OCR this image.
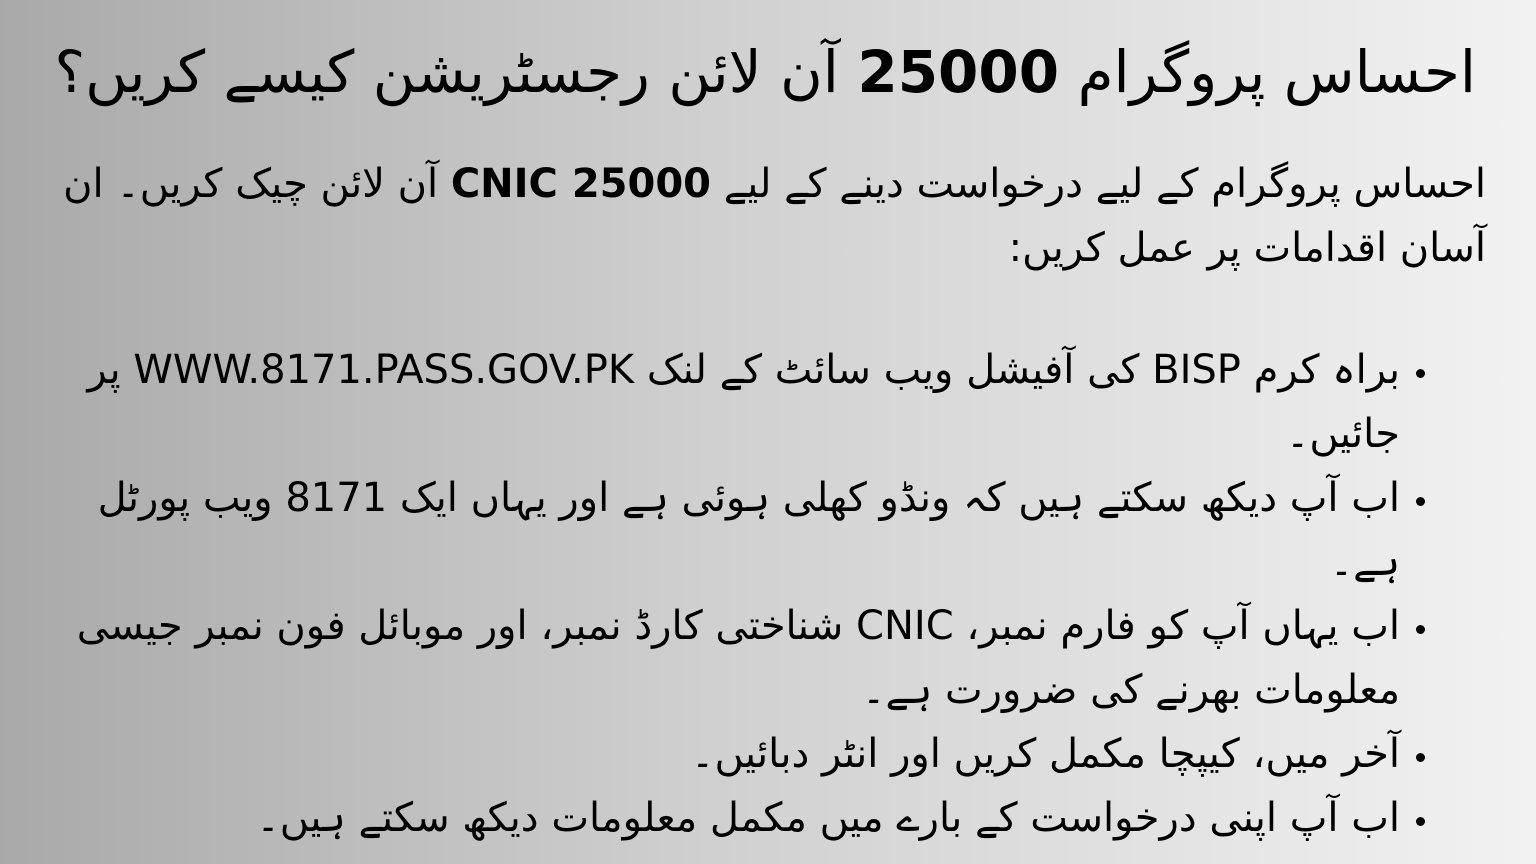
احساس پروگرام 25000 آن لائن رجسٹریشن کیسے کریں؟

احساس پروگرام کے لیے درخواست دینے کے لیے CNIC 25000 آن لائن چیک کریں۔ ان آسان اقدامات پر عمل کریں:

• براہ کرم BISP کی آفیشل ویب سائٹ کے لنک WWW.8171.PASS.GOV.PK پر جائیں۔
• اب آپ دیکھ سکتے ہیں کہ ونڈو کھلی ہوئی ہے اور یہاں ایک 8171 ویب پورٹل ہے۔
• اب یہاں آپ کو فارم نمبر، CNIC شناختی کارڈ نمبر، اور موبائل فون نمبر جیسی معلومات بھرنے کی ضرورت ہے۔
• آخر میں، کیپچا مکمل کریں اور انٹر دبائیں۔
• اب آپ اپنی درخواست کے بارے میں مکمل معلومات دیکھ سکتے ہیں۔
